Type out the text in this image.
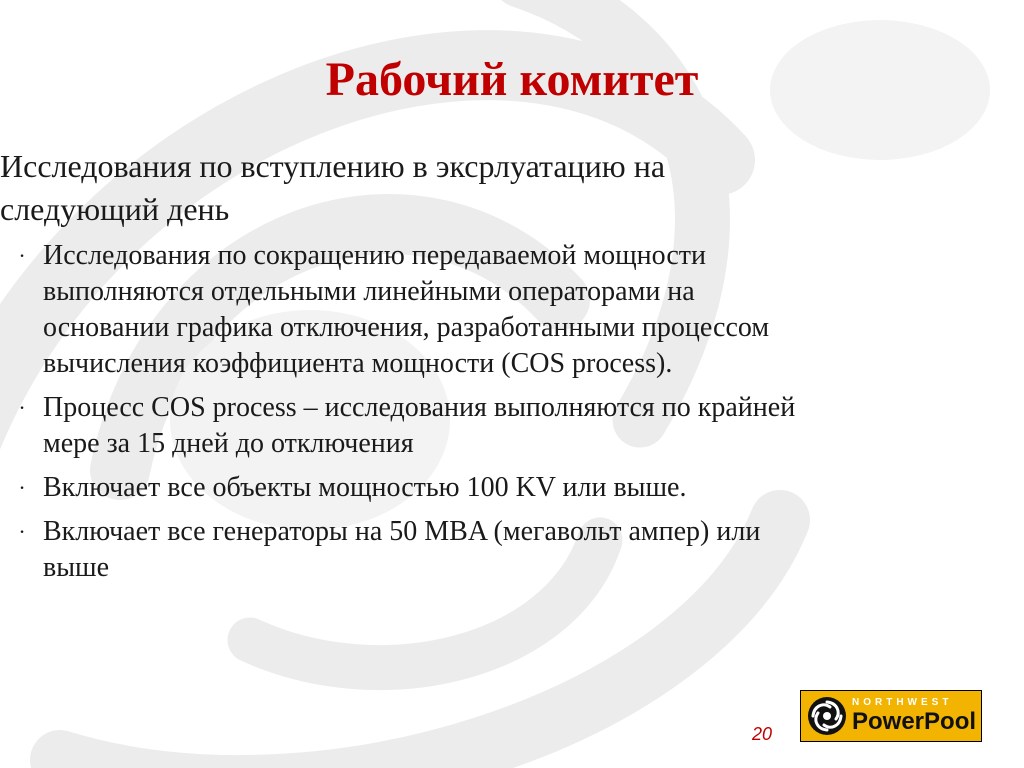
Рабочий комитет
Исследования по вступлению в эксрлуатацию на
следующий день
· Исследования по сокращению передаваемой мощности
выполняются отдельными линейными операторами на
основании графика отключения, разработанными процессом
вычисления коэффициента мощности (COS process).
· Процесс COS process – исследования выполняются по крайней
мере за 15 дней до отключения
· Включает все объекты мощностью 100 KV или выше.
· Включает все генераторы на 50 MBA (мегавольт ампер) или
выше
20
NORTHWEST
PowerPool
